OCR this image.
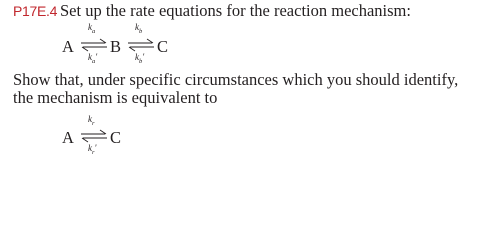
P17E.4 Set up the rate equations for the reaction mechanism:
A
$k_a$
$k_a'$
B
$k_b$
$k_b'$
C
Show that, under specific circumstances which you should identify, the mechanism is equivalent to
A
$k_r$
$k_r'$
C
